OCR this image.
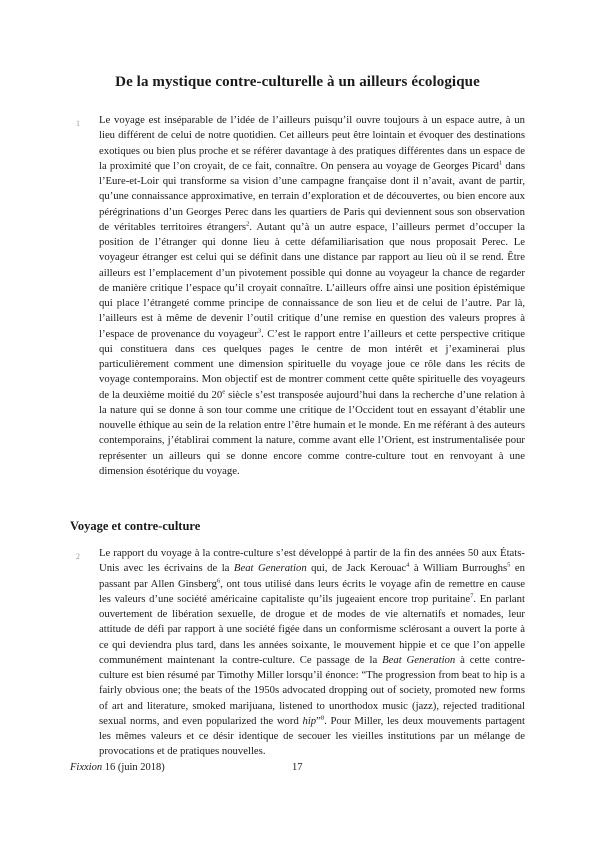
De la mystique contre-culturelle à un ailleurs écologique
1 Le voyage est inséparable de l’idée de l’ailleurs puisqu’il ouvre toujours à un espace autre, à un lieu différent de celui de notre quotidien. Cet ailleurs peut être lointain et évoquer des destinations exotiques ou bien plus proche et se référer davantage à des pratiques différentes dans un espace de la proximité que l’on croyait, de ce fait, connaître. On pensera au voyage de Georges Picard$^1$ dans l’Eure-et-Loir qui transforme sa vision d’une campagne française dont il n’avait, avant de partir, qu’une connaissance approximative, en terrain d’exploration et de découvertes, ou bien encore aux pérégrinations d’un Georges Perec dans les quartiers de Paris qui deviennent sous son observation de véritables territoires étrangers$^2$. Autant qu’à un autre espace, l’ailleurs permet d’occuper la position de l’étranger qui donne lieu à cette défamiliarisation que nous proposait Perec. Le voyageur étranger est celui qui se définit dans une distance par rapport au lieu où il se rend. Être ailleurs est l’emplacement d’un pivotement possible qui donne au voyageur la chance de regarder de manière critique l’espace qu’il croyait connaître. L’ailleurs offre ainsi une position épistémique qui place l’étrangeté comme principe de connaissance de son lieu et de celui de l’autre. Par là, l’ailleurs est à même de devenir l’outil critique d’une remise en question des valeurs propres à l’espace de provenance du voyageur$^3$. C’est le rapport entre l’ailleurs et cette perspective critique qui constituera dans ces quelques pages le centre de mon intérêt et j’examinerai plus particulièrement comment une dimension spirituelle du voyage joue ce rôle dans les récits de voyage contemporains. Mon objectif est de montrer comment cette quête spirituelle des voyageurs de la deuxième moitié du 20e siècle s’est transposée aujourd’hui dans la recherche d’une relation à la nature qui se donne à son tour comme une critique de l’Occident tout en essayant d’établir une nouvelle éthique au sein de la relation entre l’être humain et le monde. En me référant à des auteurs contemporains, j’établirai comment la nature, comme avant elle l’Orient, est instrumentalisée pour représenter un ailleurs qui se donne encore comme contre-culture tout en renvoyant à une dimension ésotérique du voyage.

Voyage et contre-culture
2 Le rapport du voyage à la contre-culture s’est développé à partir de la fin des années 50 aux États-Unis avec les écrivains de la Beat Generation qui, de Jack Kerouac$^4$ à William Burroughs$^5$ en passant par Allen Ginsberg$^6$, ont tous utilisé dans leurs écrits le voyage afin de remettre en cause les valeurs d’une société américaine capitaliste qu’ils jugeaient encore trop puritaine$^7$. En parlant ouvertement de libération sexuelle, de drogue et de modes de vie alternatifs et nomades, leur attitude de défi par rapport à une société figée dans un conformisme sclérosant a ouvert la porte à ce qui deviendra plus tard, dans les années soixante, le mouvement hippie et ce que l’on appelle communément maintenant la contre-culture. Ce passage de la Beat Generation à cette contre-culture est bien résumé par Timothy Miller lorsqu’il énonce: “The progression from beat to hip is a fairly obvious one; the beats of the 1950s advocated dropping out of society, promoted new forms of art and literature, smoked marijuana, listened to unorthodox music (jazz), rejected traditional sexual norms, and even popularized the word hip”$^8$. Pour Miller, les deux mouvements partagent les mêmes valeurs et ce désir identique de secouer les vieilles institutions par un mélange de provocations et de pratiques nouvelles.

Fixxion 16 (juin 2018)	17
